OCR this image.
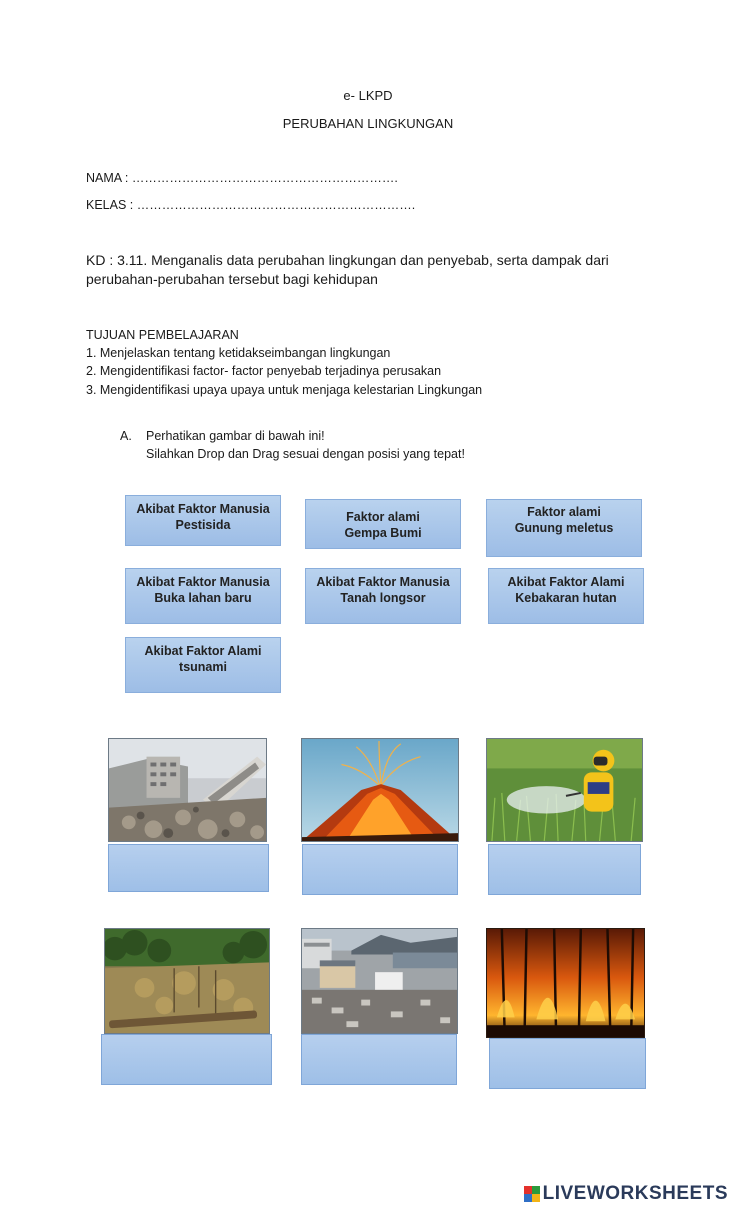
e- LKPD
PERUBAHAN LINGKUNGAN
NAMA : ……………………………………………………….
KELAS : ………………………………………………………….
KD : 3.11. Menganalis data perubahan lingkungan dan penyebab, serta dampak dari
perubahan-perubahan tersebut bagi kehidupan
TUJUAN PEMBELAJARAN
1. Menjelaskan tentang ketidakseimbangan lingkungan
2. Mengidentifikasi factor- factor penyebab terjadinya perusakan
3. Mengidentifikasi upaya upaya untuk menjaga kelestarian Lingkungan
A. Perhatikan gambar di bawah ini!
Silahkan Drop dan Drag sesuai dengan posisi yang tepat!
Akibat Faktor Manusia
Pestisida
Faktor alami
Gempa Bumi
Faktor alami
Gunung meletus
Akibat Faktor Manusia
Buka lahan baru
Akibat Faktor Manusia
Tanah longsor
Akibat Faktor Alami
Kebakaran hutan
Akibat Faktor Alami
tsunami
LIVEWORKSHEETS
